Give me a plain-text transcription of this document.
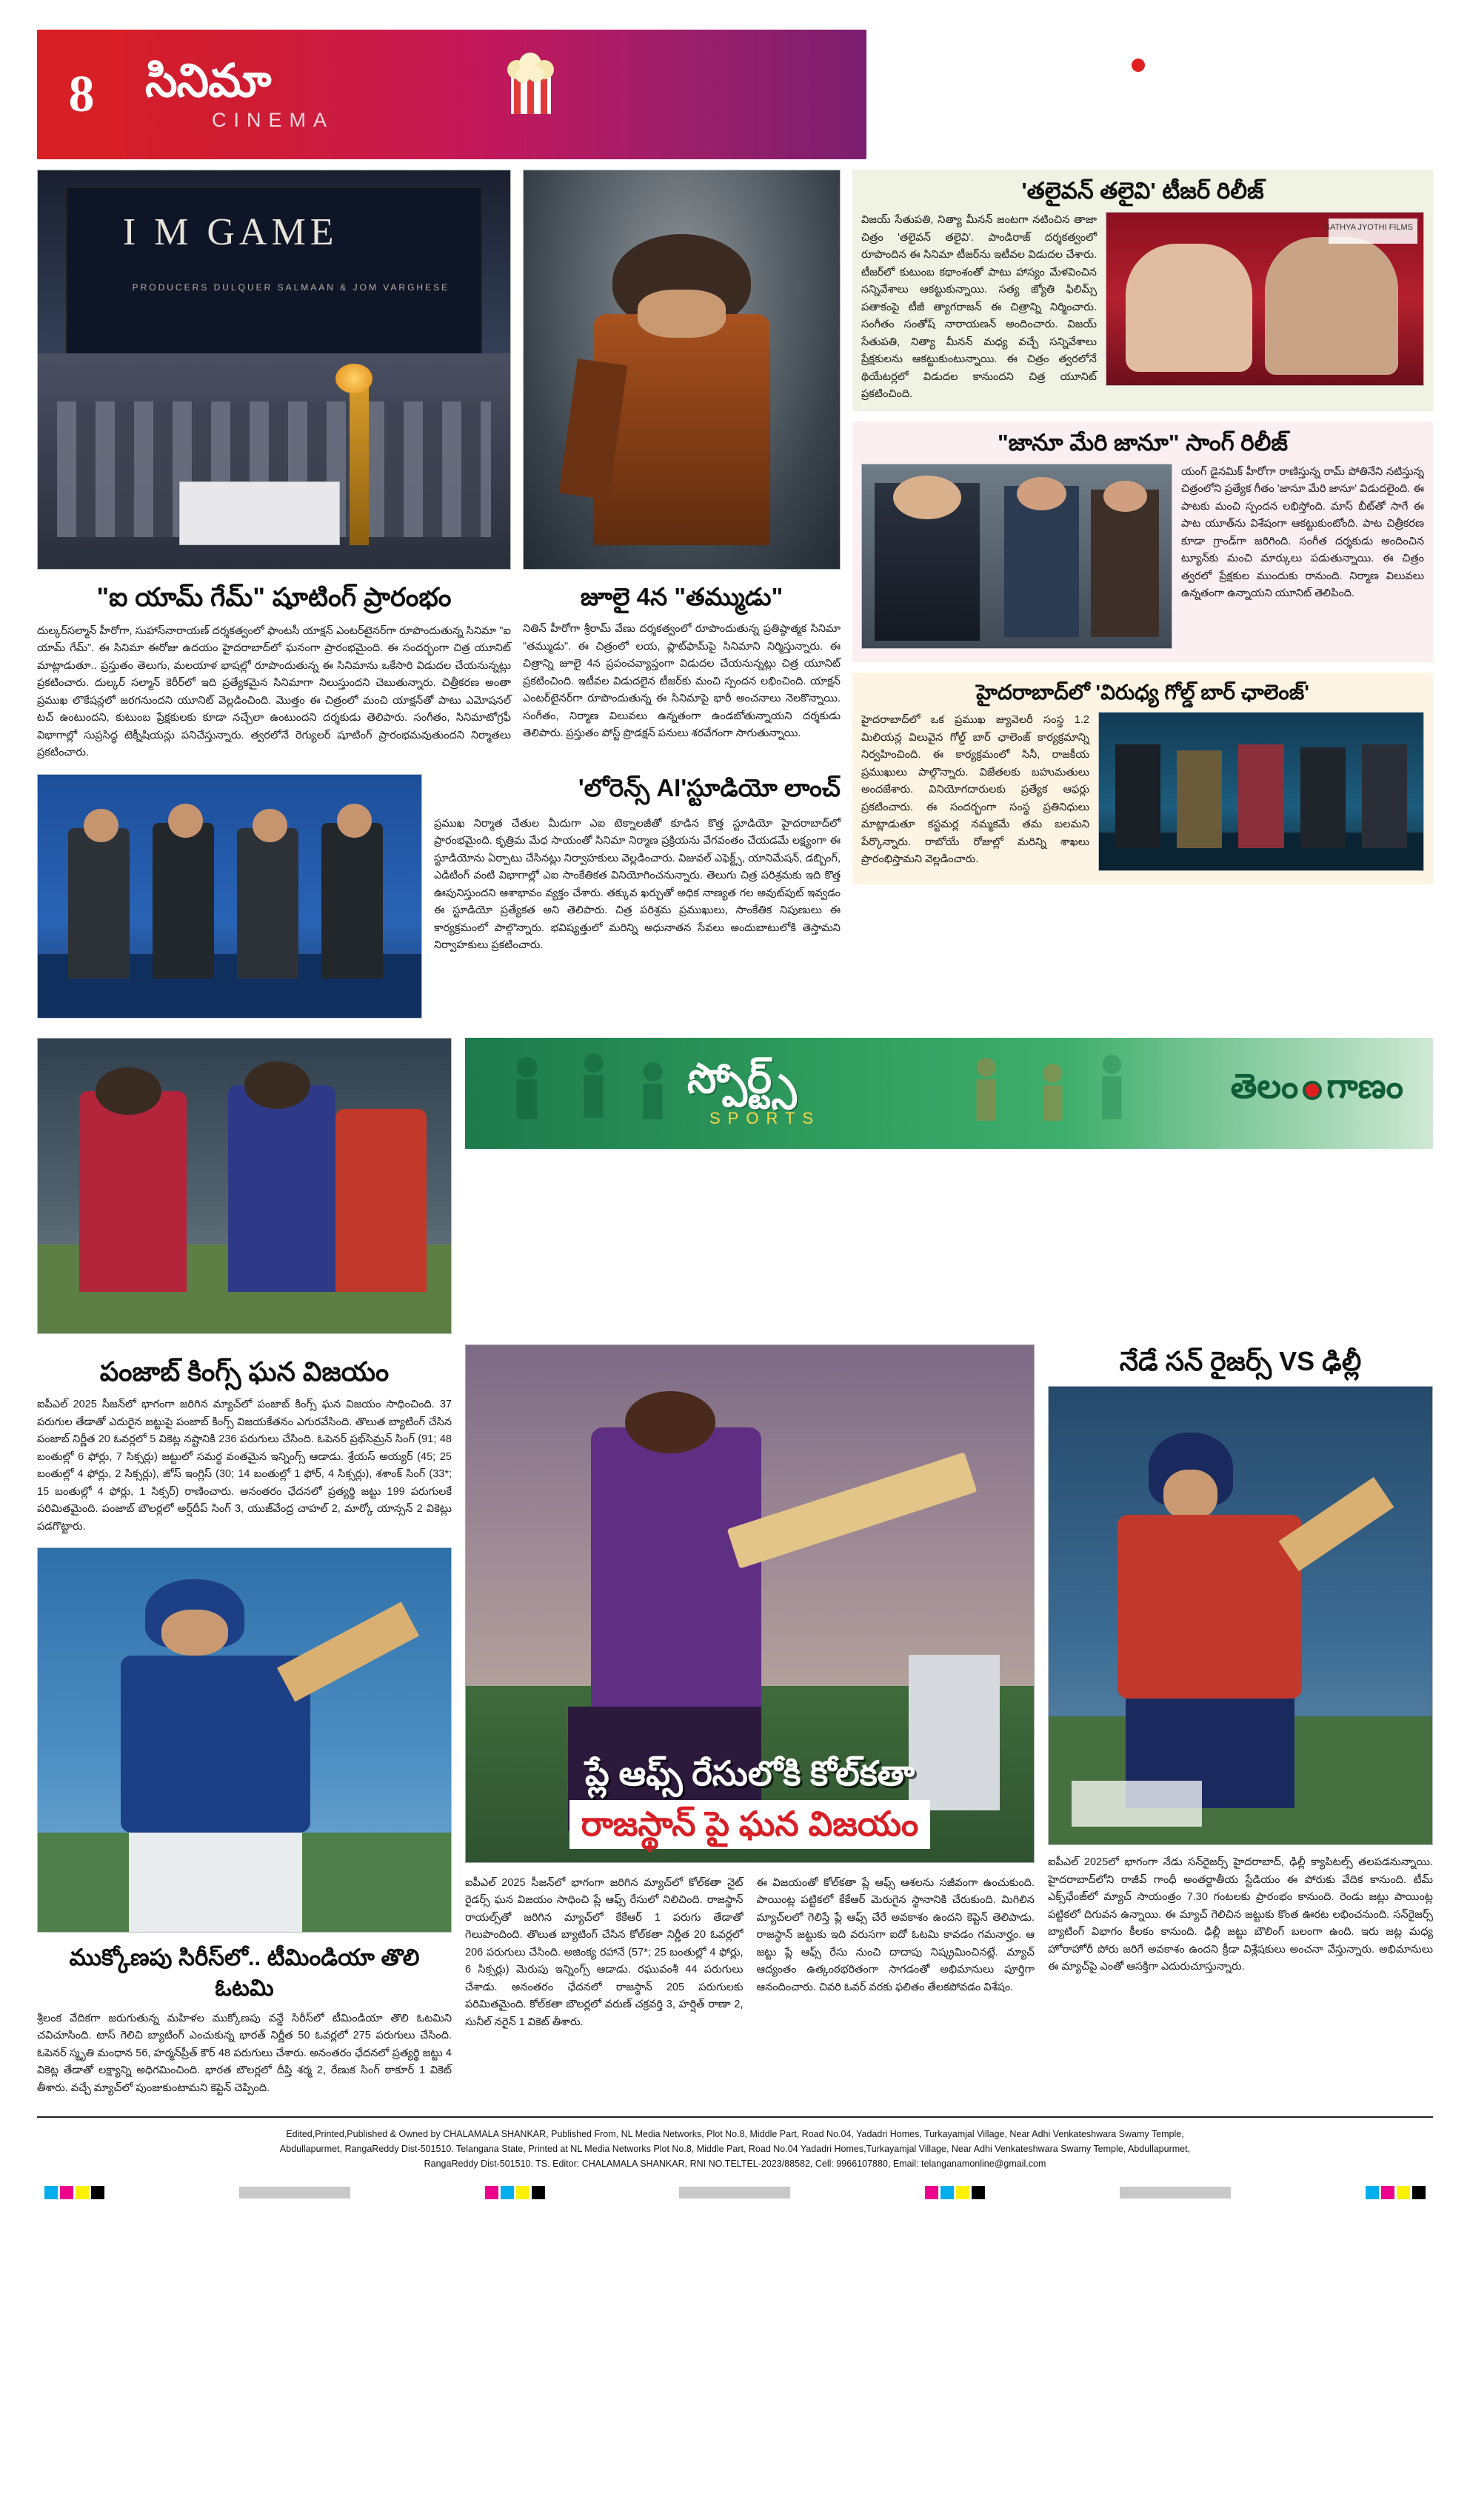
8	సినిమా
CINEMA
తెలం గాణం
05.05.2025
సోమవారం, హైదరాబాద్
I M GAME
PRODUCERS DULQUER SALMAAN & JOM VARGHESE
"ఐ యామ్ గేమ్" షూటింగ్ ప్రారంభం
దుల్కర్‌సల్మాన్ హీరోగా, సుహాస్‌నారాయణ్ దర్శకత్వంలో ఫాంటసీ యాక్షన్ ఎంటర్‌టైనర్‌గా రూపొందుతున్న సినిమా "ఐ యామ్ గేమ్". ఈ సినిమా ఈరోజు ఉదయం హైదరాబాద్‌లో ఘనంగా ప్రారంభమైంది. ఈ సందర్భంగా చిత్ర యూనిట్ మాట్లాడుతూ.. ప్రస్తుతం తెలుగు, మలయాళ భాషల్లో రూపొందుతున్న ఈ సినిమాను ఒకేసారి విడుదల చేయనున్నట్లు ప్రకటించారు. దుల్కర్ సల్మాన్ కెరీర్‌లో ఇది ప్రత్యేకమైన సినిమాగా నిలుస్తుందని చెబుతున్నారు. చిత్రీకరణ అంతా ప్రముఖ లొకేషన్లలో జరగనుందని యూనిట్ వెల్లడించింది. మొత్తం ఈ చిత్రంలో మంచి యాక్షన్‌తో పాటు ఎమోషనల్ టచ్ ఉంటుందని, కుటుంబ ప్రేక్షకులకు కూడా నచ్చేలా ఉంటుందని దర్శకుడు తెలిపారు. సంగీతం, సినిమాటోగ్రఫీ విభాగాల్లో సుప్రసిద్ధ టెక్నీషియన్లు పనిచేస్తున్నారు. త్వరలోనే రెగ్యులర్ షూటింగ్ ప్రారంభమవుతుందని నిర్మాతలు ప్రకటించారు.
జూలై 4న "తమ్ముడు"
నితిన్ హీరోగా శ్రీరామ్ వేణు దర్శకత్వంలో రూపొందుతున్న ప్రతిష్ఠాత్మక సినిమా "తమ్ముడు". ఈ చిత్రంలో లయ, ప్లాట్‌ఫామ్‌పై సినిమాని నిర్మిస్తున్నారు. ఈ చిత్రాన్ని జూలై 4న ప్రపంచవ్యాప్తంగా విడుదల చేయనున్నట్లు చిత్ర యూనిట్ ప్రకటించింది. ఇటీవల విడుదలైన టీజర్‌కు మంచి స్పందన లభించింది. యాక్షన్ ఎంటర్‌టైనర్‌గా రూపొందుతున్న ఈ సినిమాపై భారీ అంచనాలు నెలకొన్నాయి. సంగీతం, నిర్మాణ విలువలు ఉన్నతంగా ఉండబోతున్నాయని దర్శకుడు తెలిపారు. ప్రస్తుతం పోస్ట్ ప్రొడక్షన్ పనులు శరవేగంగా సాగుతున్నాయి.
'లోరెన్స్ AI'స్టూడియో లాంచ్
ప్రముఖ నిర్మాత చేతుల మీదుగా ఎఐ టెక్నాలజీతో కూడిన కొత్త స్టూడియో హైదరాబాద్‌లో ప్రారంభమైంది. కృత్రిమ మేధ సాయంతో సినిమా నిర్మాణ ప్రక్రియను వేగవంతం చేయడమే లక్ష్యంగా ఈ స్టూడియోను ఏర్పాటు చేసినట్లు నిర్వాహకులు వెల్లడించారు. విజువల్ ఎఫెక్ట్స్, యానిమేషన్, డబ్బింగ్, ఎడిటింగ్ వంటి విభాగాల్లో ఎఐ సాంకేతికత వినియోగించనున్నారు. తెలుగు చిత్ర పరిశ్రమకు ఇది కొత్త ఊపునిస్తుందని ఆశాభావం వ్యక్తం చేశారు. తక్కువ ఖర్చుతో అధిక నాణ్యత గల అవుట్‌పుట్ ఇవ్వడం ఈ స్టూడియో ప్రత్యేకత అని తెలిపారు. చిత్ర పరిశ్రమ ప్రముఖులు, సాంకేతిక నిపుణులు ఈ కార్యక్రమంలో పాల్గొన్నారు. భవిష్యత్తులో మరిన్ని అధునాతన సేవలు అందుబాటులోకి తెస్తామని నిర్వాహకులు ప్రకటించారు.
'తలైవన్ తలైవి' టీజర్ రిలీజ్
SATHYA JYOTHI FILMS
విజయ్ సేతుపతి, నిత్యా మీనన్ జంటగా నటించిన తాజా చిత్రం 'తలైవన్ తలైవి'. పాండిరాజ్ దర్శకత్వంలో రూపొందిన ఈ సినిమా టీజర్‌ను ఇటీవల విడుదల చేశారు. టీజర్‌లో కుటుంబ కథాంశంతో పాటు హాస్యం మేళవించిన సన్నివేశాలు ఆకట్టుకున్నాయి. సత్య జ్యోతి ఫిలిమ్స్ పతాకంపై టీజీ త్యాగరాజన్ ఈ చిత్రాన్ని నిర్మించారు. సంగీతం సంతోష్ నారాయణన్ అందించారు. విజయ్ సేతుపతి, నిత్యా మీనన్ మధ్య వచ్చే సన్నివేశాలు ప్రేక్షకులను ఆకట్టుకుంటున్నాయి. ఈ చిత్రం త్వరలోనే థియేటర్లలో విడుదల కానుందని చిత్ర యూనిట్ ప్రకటించింది.
"జానూ మేరి జానూ" సాంగ్ రిలీజ్
యంగ్ డైనమిక్ హీరోగా రాణిస్తున్న రామ్ పోతినేని నటిస్తున్న చిత్రంలోని ప్రత్యేక గీతం 'జానూ మేరి జానూ' విడుదలైంది. ఈ పాటకు మంచి స్పందన లభిస్తోంది. మాస్ బీట్‌తో సాగే ఈ పాట యూత్‌ను విశేషంగా ఆకట్టుకుంటోంది. పాట చిత్రీకరణ కూడా గ్రాండ్‌గా జరిగింది. సంగీత దర్శకుడు అందించిన ట్యూన్‌కు మంచి మార్కులు పడుతున్నాయి. ఈ చిత్రం త్వరలో ప్రేక్షకుల ముందుకు రానుంది. నిర్మాణ విలువలు ఉన్నతంగా ఉన్నాయని యూనిట్ తెలిపింది.
హైదరాబాద్‌లో 'విరుధ్య గోల్డ్ బార్ ఛాలెంజ్'
హైదరాబాద్‌లో ఒక ప్రముఖ జ్యువెలరీ సంస్థ 1.2 మిలియన్ల విలువైన గోల్డ్ బార్ ఛాలెంజ్ కార్యక్రమాన్ని నిర్వహించింది. ఈ కార్యక్రమంలో సినీ, రాజకీయ ప్రముఖులు పాల్గొన్నారు. విజేతలకు బహుమతులు అందజేశారు. వినియోగదారులకు ప్రత్యేక ఆఫర్లు ప్రకటించారు. ఈ సందర్భంగా సంస్థ ప్రతినిధులు మాట్లాడుతూ కస్టమర్ల నమ్మకమే తమ బలమని పేర్కొన్నారు. రాబోయే రోజుల్లో మరిన్ని శాఖలు ప్రారంభిస్తామని వెల్లడించారు.
స్పోర్ట్స్
SPORTS
తెలం గాణం
పంజాబ్ కింగ్స్ ఘన విజయం
ఐపీఎల్ 2025 సీజన్‌లో భాగంగా జరిగిన మ్యాచ్‌లో పంజాబ్ కింగ్స్ ఘన విజయం సాధించింది. 37 పరుగుల తేడాతో ఎదురైన జట్టుపై పంజాబ్ కింగ్స్ విజయకేతనం ఎగురవేసింది. తొలుత బ్యాటింగ్ చేసిన పంజాబ్ నిర్ణీత 20 ఓవర్లలో 5 వికెట్ల నష్టానికి 236 పరుగులు చేసింది. ఓపెనర్ ప్రభ్‌సిమ్రన్ సింగ్ (91; 48 బంతుల్లో 6 ఫోర్లు, 7 సిక్సర్లు) జట్టులో సమర్థ వంతమైన ఇన్నింగ్స్ ఆడాడు. శ్రేయస్ అయ్యర్ (45; 25 బంతుల్లో 4 ఫోర్లు, 2 సిక్సర్లు), జోస్ ఇంగ్లిస్ (30; 14 బంతుల్లో 1 ఫోర్, 4 సిక్సర్లు), శశాంక్ సింగ్ (33*; 15 బంతుల్లో 4 ఫోర్లు, 1 సిక్సర్) రాణించారు. అనంతరం ఛేదనలో ప్రత్యర్థి జట్టు 199 పరుగులకే పరిమితమైంది. పంజాబ్ బౌలర్లలో అర్ష్‌దీప్ సింగ్ 3, యుజ్‌వేంద్ర చాహల్ 2, మార్కో యాన్సన్ 2 వికెట్లు పడగొట్టారు.
ముక్కోణపు సిరీస్‌లో.. టీమిండియా తొలి ఓటమి
శ్రీలంక వేదికగా జరుగుతున్న మహిళల ముక్కోణపు వన్డే సిరీస్‌లో టీమిండియా తొలి ఓటమిని చవిచూసింది. టాస్ గెలిచి బ్యాటింగ్ ఎంచుకున్న భారత్ నిర్ణీత 50 ఓవర్లలో 275 పరుగులు చేసింది. ఓపెనర్ స్మృతి మంధాన 56, హర్మన్‌ప్రీత్ కౌర్ 48 పరుగులు చేశారు. అనంతరం ఛేదనలో ప్రత్యర్థి జట్టు 4 వికెట్ల తేడాతో లక్ష్యాన్ని అధిగమించింది. భారత బౌలర్లలో దీప్తి శర్మ 2, రేణుక సింగ్ ఠాకూర్ 1 వికెట్ తీశారు. వచ్చే మ్యాచ్‌లో పుంజుకుంటామని కెప్టెన్ చెప్పింది.
ప్లే ఆఫ్స్ రేసులోకి కోల్‌కతా
రాజస్థాన్ పై ఘన విజయం
ఐపీఎల్ 2025 సీజన్‌లో భాగంగా జరిగిన మ్యాచ్‌లో కోల్‌కతా నైట్ రైడర్స్ ఘన విజయం సాధించి ప్లే ఆఫ్స్ రేసులో నిలిచింది. రాజస్థాన్ రాయల్స్‌తో జరిగిన మ్యాచ్‌లో కేకేఆర్ 1 పరుగు తేడాతో గెలుపొందింది. తొలుత బ్యాటింగ్ చేసిన కోల్‌కతా నిర్ణీత 20 ఓవర్లలో 206 పరుగులు చేసింది. అజింక్య రహానే (57*; 25 బంతుల్లో 4 ఫోర్లు, 6 సిక్సర్లు) మెరుపు ఇన్నింగ్స్ ఆడాడు. రఘువంశీ 44 పరుగులు చేశాడు. అనంతరం ఛేదనలో రాజస్థాన్ 205 పరుగులకు పరిమితమైంది. కోల్‌కతా బౌలర్లలో వరుణ్ చక్రవర్తి 3, హర్షిత్ రాణా 2, సునీల్ నరైన్ 1 వికెట్ తీశారు.
ఈ విజయంతో కోల్‌కతా ప్లే ఆఫ్స్ ఆశలను సజీవంగా ఉంచుకుంది. పాయింట్ల పట్టికలో కేకేఆర్ మెరుగైన స్థానానికి చేరుకుంది. మిగిలిన మ్యాచ్‌లలో గెలిస్తే ప్లే ఆఫ్స్ చేరే అవకాశం ఉందని కెప్టెన్ తెలిపాడు. రాజస్థాన్ జట్టుకు ఇది వరుసగా ఐదో ఓటమి కావడం గమనార్హం. ఆ జట్టు ప్లే ఆఫ్స్ రేసు నుంచి దాదాపు నిష్క్రమించినట్లే. మ్యాచ్ ఆద్యంతం ఉత్కంఠభరితంగా సాగడంతో అభిమానులు పూర్తిగా ఆనందించారు. చివరి ఓవర్ వరకు ఫలితం తేలకపోవడం విశేషం.
నేడే సన్ రైజర్స్ VS ఢిల్లీ
ఐపీఎల్ 2025లో భాగంగా నేడు సన్‌రైజర్స్ హైదరాబాద్, ఢిల్లీ క్యాపిటల్స్ తలపడనున్నాయి. హైదరాబాద్‌లోని రాజీవ్ గాంధీ అంతర్జాతీయ స్టేడియం ఈ పోరుకు వేదిక కానుంది. టీమ్ ఎక్స్‌ఛేంజ్‌లో మ్యాచ్ సాయంత్రం 7.30 గంటలకు ప్రారంభం కానుంది. రెండు జట్లు పాయింట్ల పట్టికలో దిగువన ఉన్నాయి. ఈ మ్యాచ్ గెలిచిన జట్టుకు కొంత ఊరట లభించనుంది. సన్‌రైజర్స్ బ్యాటింగ్ విభాగం కీలకం కానుంది. ఢిల్లీ జట్టు బౌలింగ్ బలంగా ఉంది. ఇరు జట్ల మధ్య హోరాహోరీ పోరు జరిగే అవకాశం ఉందని క్రీడా విశ్లేషకులు అంచనా వేస్తున్నారు. అభిమానులు ఈ మ్యాచ్‌పై ఎంతో ఆసక్తిగా ఎదురుచూస్తున్నారు.
Edited,Printed,Published & Owned by CHALAMALA SHANKAR, Published From, NL Media Networks, Plot No.8, Middle Part, Road No.04, Yadadri Homes, Turkayamjal Village, Near Adhi Venkateshwara Swamy Temple,
Abdullapurmet, RangaReddy Dist-501510. Telangana State, Printed at NL Media Networks Plot No.8, Middle Part, Road No.04 Yadadri Homes,Turkayamjal Village, Near Adhi Venkateshwara Swamy Temple, Abdullapurmet,
RangaReddy Dist-501510. TS. Editor: CHALAMALA SHANKAR, RNI NO.TELTEL-2023/88582, Cell: 9966107880, Email: telanganamonline@gmail.com
